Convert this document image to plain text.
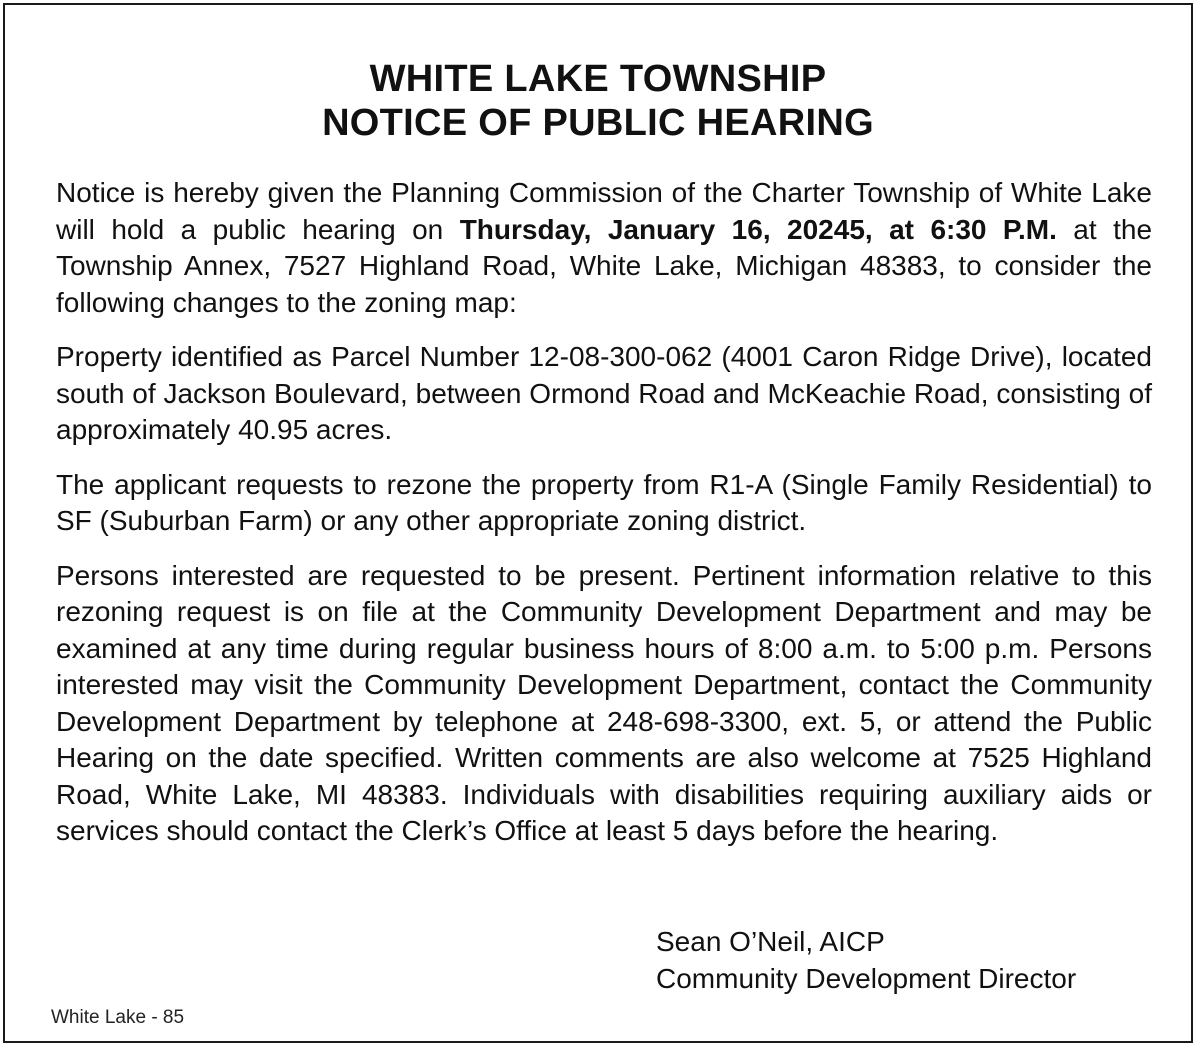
WHITE LAKE TOWNSHIP
NOTICE OF PUBLIC HEARING

Notice is hereby given the Planning Commission of the Charter Township of White Lake will hold a public hearing on Thursday, January 16, 20245, at 6:30 P.M. at the Township Annex, 7527 Highland Road, White Lake, Michigan 48383, to consider the following changes to the zoning map:

Property identified as Parcel Number 12-08-300-062 (4001 Caron Ridge Drive), located south of Jackson Boulevard, between Ormond Road and McKeachie Road, consisting of approximately 40.95 acres.

The applicant requests to rezone the property from R1-A (Single Family Residential) to SF (Suburban Farm) or any other appropriate zoning district.

Persons interested are requested to be present. Pertinent information relative to this rezoning request is on file at the Community Development Department and may be examined at any time during regular business hours of 8:00 a.m. to 5:00 p.m. Persons interested may visit the Community Development Department, contact the Community Development Department by telephone at 248-698-3300, ext. 5, or attend the Public Hearing on the date specified. Written comments are also welcome at 7525 Highland Road, White Lake, MI 48383. Individuals with disabilities requiring auxiliary aids or services should contact the Clerk’s Office at least 5 days before the hearing.

Sean O’Neil, AICP
Community Development Director
White Lake - 85
